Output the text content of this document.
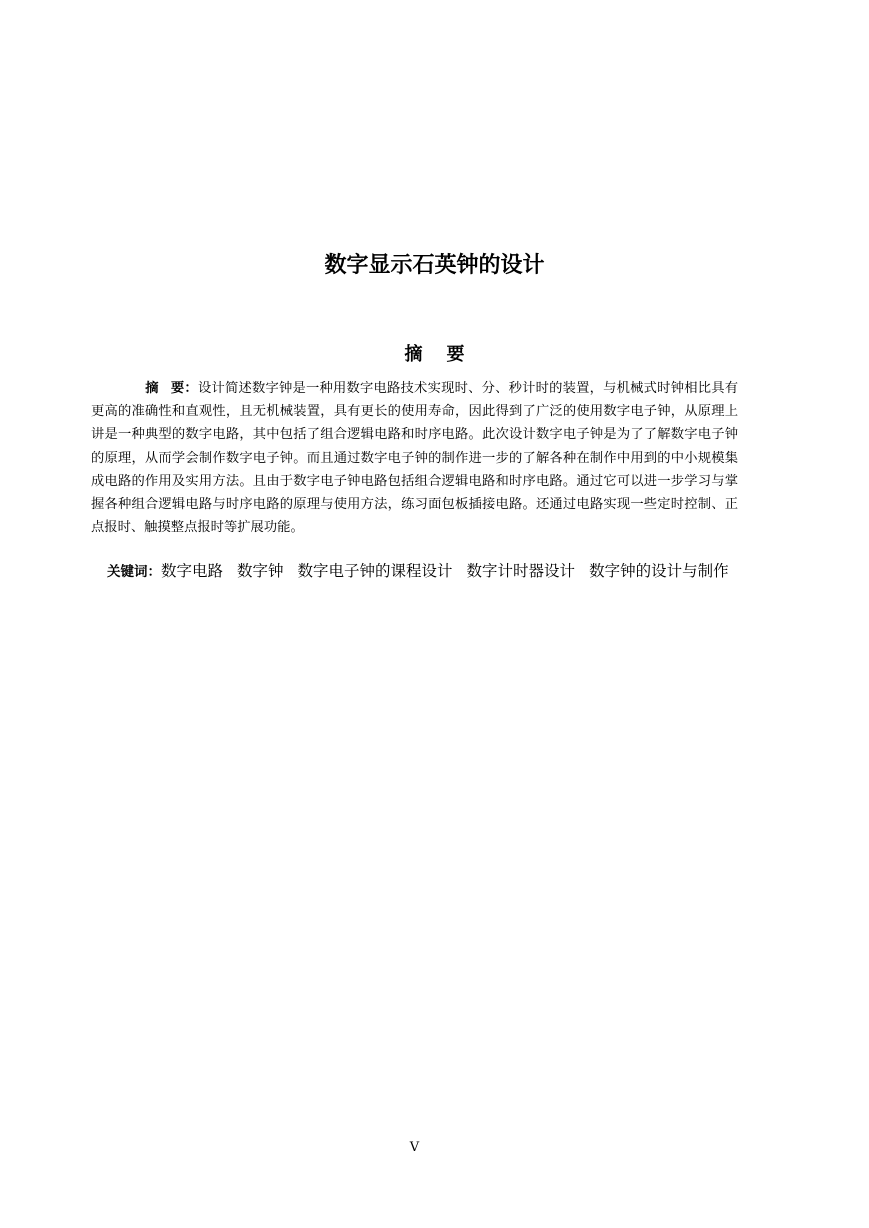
数字显示石英钟的设计
摘 要

摘 要：设计简述数字钟是一种用数字电路技术实现时、分、秒计时的装置，与机械式时钟相比具有更高的准确性和直观性，且无机械装置，具有更长的使用寿命，因此得到了广泛的使用数字电子钟，从原理上讲是一种典型的数字电路，其中包括了组合逻辑电路和时序电路。此次设计数字电子钟是为了了解数字电子钟的原理，从而学会制作数字电子钟。而且通过数字电子钟的制作进一步的了解各种在制作中用到的中小规模集成电路的作用及实用方法。且由于数字电子钟电路包括组合逻辑电路和时序电路。通过它可以进一步学习与掌握各种组合逻辑电路与时序电路的原理与使用方法，练习面包板插接电路。还通过电路实现一些定时控制、正点报时、触摸整点报时等扩展功能。

关键词：数字电路 数字钟 数字电子钟的课程设计 数字计时器设计 数字钟的设计与制作

V
